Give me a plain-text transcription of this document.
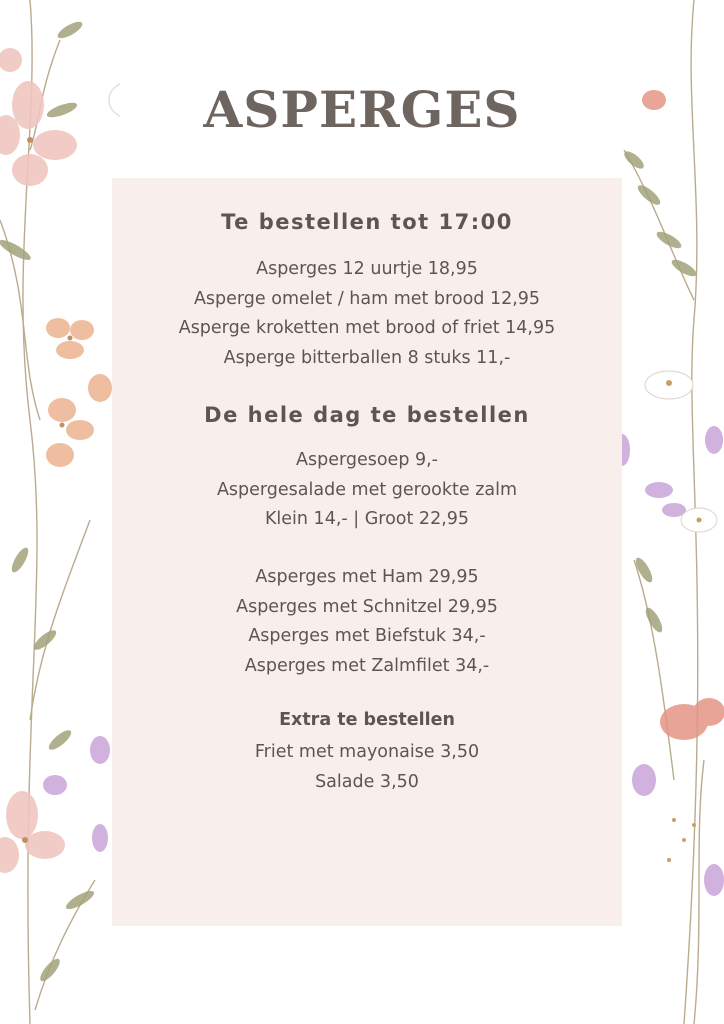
ASPERGES
Te bestellen tot 17:00
Asperges 12 uurtje 18,95
Asperge omelet / ham met brood 12,95
Asperge kroketten met brood of friet 14,95
Asperge bitterballen 8 stuks 11,-
De hele dag te bestellen
Aspergesoep 9,-
Aspergesalade met gerookte zalm
Klein 14,- | Groot 22,95
Asperges met Ham 29,95
Asperges met Schnitzel 29,95
Asperges met Biefstuk 34,-
Asperges met Zalmfilet 34,-
Extra te bestellen
Friet met mayonaise 3,50
Salade 3,50
